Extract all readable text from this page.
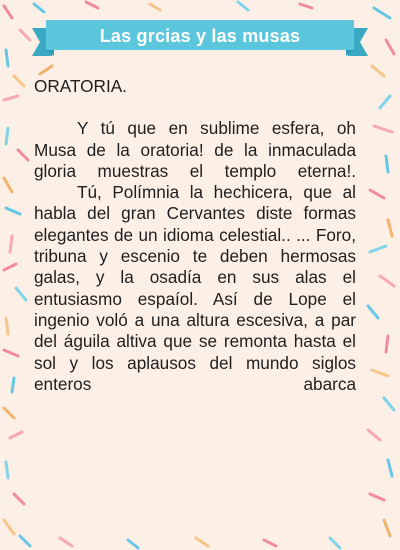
Las grcias y las musas

ORATORIA.

Y tú que en sublime esfera, oh Musa de la oratoria! de la inmaculada gloria muestras el templo eterna!.

Tú, Polímnia la hechicera, que al habla del gran Cervantes diste formas elegantes de un idioma celestial.. ... Foro, tribuna y escenio te deben hermosas galas, y la osadía en sus alas el entusiasmo espaíol. Así de Lope el ingenio voló a una altura escesiva, a par del águila altiva que se remonta hasta el sol y los aplausos del mundo siglos enteros abarca
